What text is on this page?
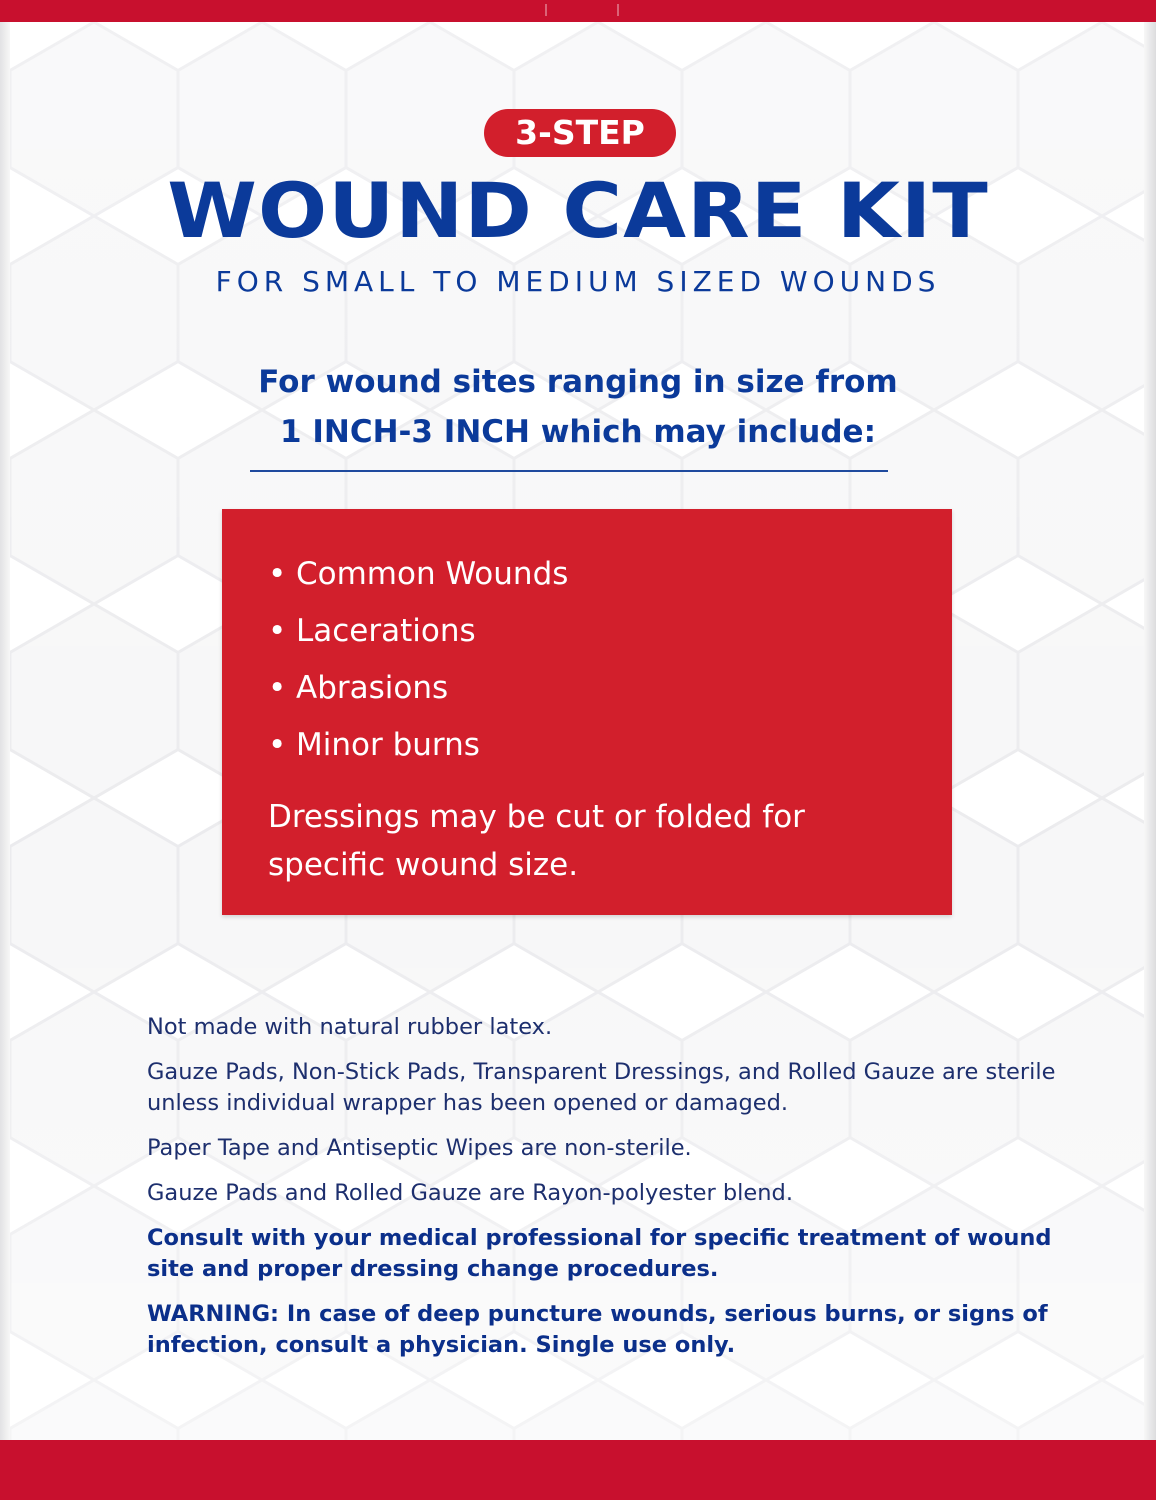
3-STEP
WOUND CARE KIT
FOR SMALL TO MEDIUM SIZED WOUNDS
For wound sites ranging in size from
1 INCH-3 INCH which may include:
• Common Wounds
• Lacerations
• Abrasions
• Minor burns
Dressings may be cut or folded for specific wound size.

Not made with natural rubber latex.

Gauze Pads, Non-Stick Pads, Transparent Dressings, and Rolled Gauze are sterile unless individual wrapper has been opened or damaged.

Paper Tape and Antiseptic Wipes are non-sterile.

Gauze Pads and Rolled Gauze are Rayon-polyester blend.

Consult with your medical professional for specific treatment of wound site and proper dressing change procedures.

WARNING: In case of deep puncture wounds, serious burns, or signs of infection, consult a physician. Single use only.
